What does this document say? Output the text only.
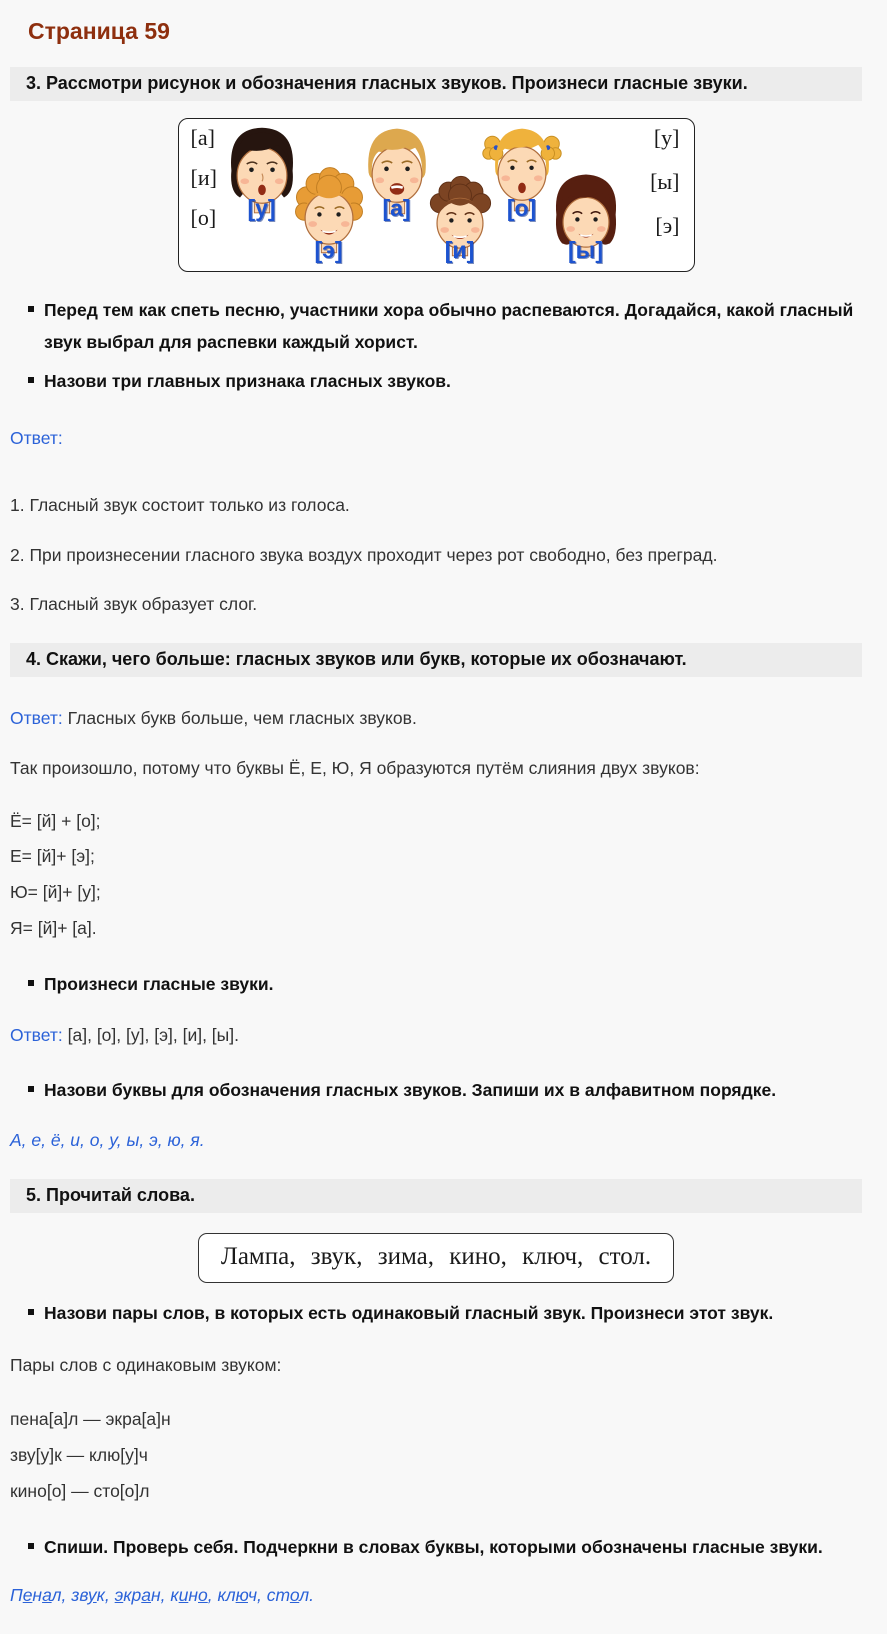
Страница 59
3. Рассмотри рисунок и обозначения гласных звуков. Произнеси гласные звуки.
[а]
[и]
[о]
[у]
[ы]
[э]
[у]
[э]
[а]
[и]
[о]
[ы]
Перед тем как спеть песню, участники хора обычно распеваются. Догадайся, какой гласный звук выбрал для распевки каждый хорист.
Назови три главных признака гласных звуков.

Ответ:

1. Гласный звук состоит только из голоса.

2. При произнесении гласного звука воздух проходит через рот свободно, без преград.

3. Гласный звук образует слог.

4. Скажи, чего больше: гласных звуков или букв, которые их обозначают.

Ответ: Гласных букв больше, чем гласных звуков.

Так произошло, потому что буквы Ё, Е, Ю, Я образуются путём слияния двух звуков:

Ё= [й] + [о];

Е= [й]+ [э];

Ю= [й]+ [у];

Я= [й]+ [а].

Произнеси гласные звуки.

Ответ: [а], [о], [у], [э], [и], [ы].

Назови буквы для обозначения гласных звуков. Запиши их в алфавитном порядке.

А, е, ё, и, о, у, ы, э, ю, я.

5. Прочитай слова.
Лампа, звук, зима, кино, ключ, стол.
Назови пары слов, в которых есть одинаковый гласный звук. Произнеси этот звук.

Пары слов с одинаковым звуком:

пена[а]л — экра[а]н

зву[у]к — клю[у]ч

кино[о] — сто[о]л

Спиши. Проверь себя. Подчеркни в словах буквы, которыми обозначены гласные звуки.

Пенал, звук, экран, кино, ключ, стол.
